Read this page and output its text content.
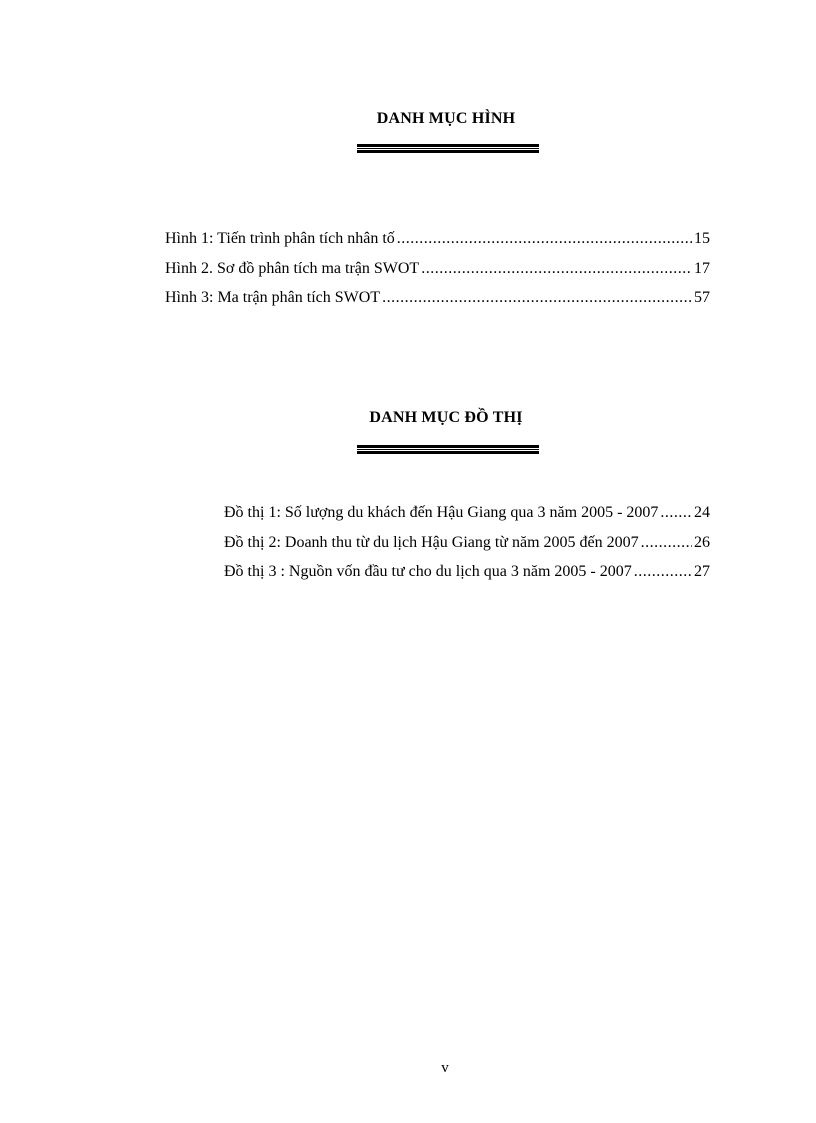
DANH MỤC HÌNH
Hình 1: Tiến trình phân tích nhân tố .....	15
Hình 2. Sơ đồ phân tích ma trận SWOT .....	17
Hình 3: Ma trận phân tích SWOT .....	57
DANH MỤC ĐỒ THỊ
Đồ thị 1: Số lượng du khách đến Hậu Giang qua 3 năm 2005 - 2007 ..... 24
Đồ thị 2: Doanh thu từ du lịch Hậu Giang từ năm 2005 đến 2007 .....	26
Đồ thị 3 : Nguồn vốn đầu tư cho du lịch qua 3 năm 2005 - 2007 .....	27
v
